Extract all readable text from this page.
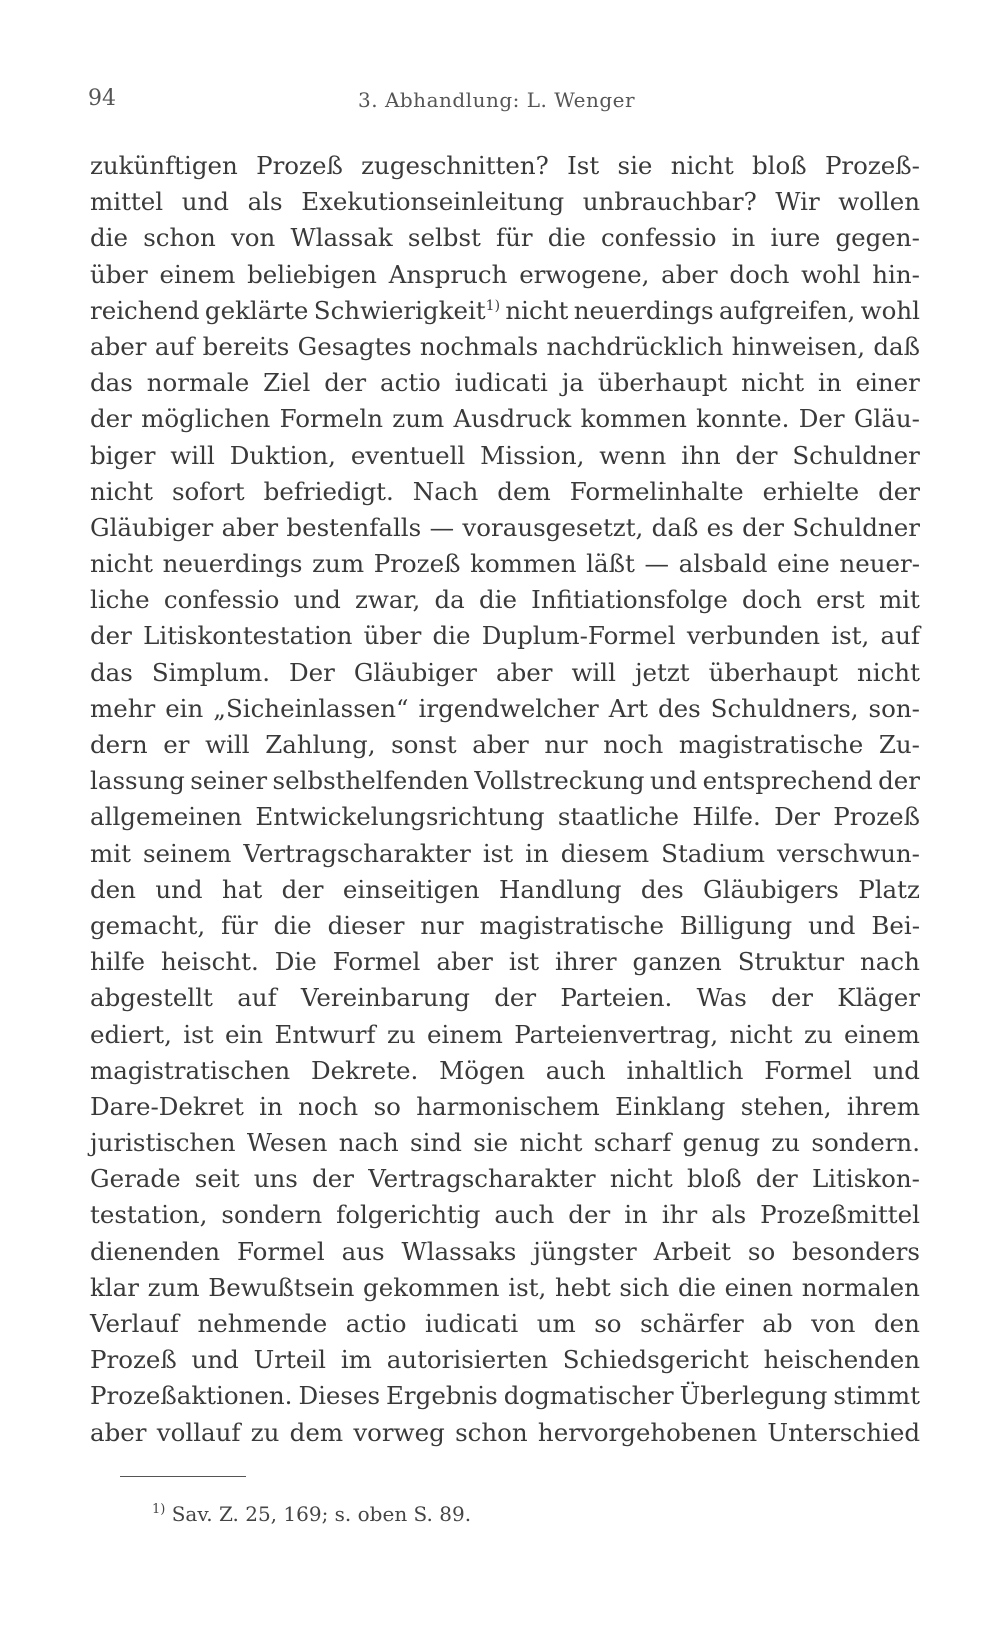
94	3. Abhandlung: L. Wenger
zukünftigen Prozeß zugeschnitten? Ist sie nicht bloß Prozeß-
mittel und als Exekutionseinleitung unbrauchbar? Wir wollen
die schon von Wlassak selbst für die confessio in iure gegen-
über einem beliebigen Anspruch erwogene, aber doch wohl hin-
reichend geklärte Schwierigkeit$^{1)}$ nicht neuerdings aufgreifen, wohl
aber auf bereits Gesagtes nochmals nachdrücklich hinweisen, daß
das normale Ziel der actio iudicati ja überhaupt nicht in einer
der möglichen Formeln zum Ausdruck kommen konnte. Der Gläu-
biger will Duktion, eventuell Mission, wenn ihn der Schuldner
nicht sofort befriedigt. Nach dem Formelinhalte erhielte der
Gläubiger aber bestenfalls — vorausgesetzt, daß es der Schuldner
nicht neuerdings zum Prozeß kommen läßt — alsbald eine neuer-
liche confessio und zwar, da die Infitiationsfolge doch erst mit
der Litiskontestation über die Duplum-Formel verbunden ist, auf
das Simplum. Der Gläubiger aber will jetzt überhaupt nicht
mehr ein „Sicheinlassen“ irgendwelcher Art des Schuldners, son-
dern er will Zahlung, sonst aber nur noch magistratische Zu-
lassung seiner selbsthelfenden Vollstreckung und entsprechend der
allgemeinen Entwickelungsrichtung staatliche Hilfe. Der Prozeß
mit seinem Vertragscharakter ist in diesem Stadium verschwun-
den und hat der einseitigen Handlung des Gläubigers Platz
gemacht, für die dieser nur magistratische Billigung und Bei-
hilfe heischt. Die Formel aber ist ihrer ganzen Struktur nach
abgestellt auf Vereinbarung der Parteien. Was der Kläger
ediert, ist ein Entwurf zu einem Parteienvertrag, nicht zu einem
magistratischen Dekrete. Mögen auch inhaltlich Formel und
Dare-Dekret in noch so harmonischem Einklang stehen, ihrem
juristischen Wesen nach sind sie nicht scharf genug zu sondern.
Gerade seit uns der Vertragscharakter nicht bloß der Litiskon-
testation, sondern folgerichtig auch der in ihr als Prozeßmittel
dienenden Formel aus Wlassaks jüngster Arbeit so besonders
klar zum Bewußtsein gekommen ist, hebt sich die einen normalen
Verlauf nehmende actio iudicati um so schärfer ab von den
Prozeß und Urteil im autorisierten Schiedsgericht heischenden
Prozeßaktionen. Dieses Ergebnis dogmatischer Überlegung stimmt
aber vollauf zu dem vorweg schon hervorgehobenen Unterschied
$^{1)}$ Sav. Z. 25, 169; s. oben S. 89.
